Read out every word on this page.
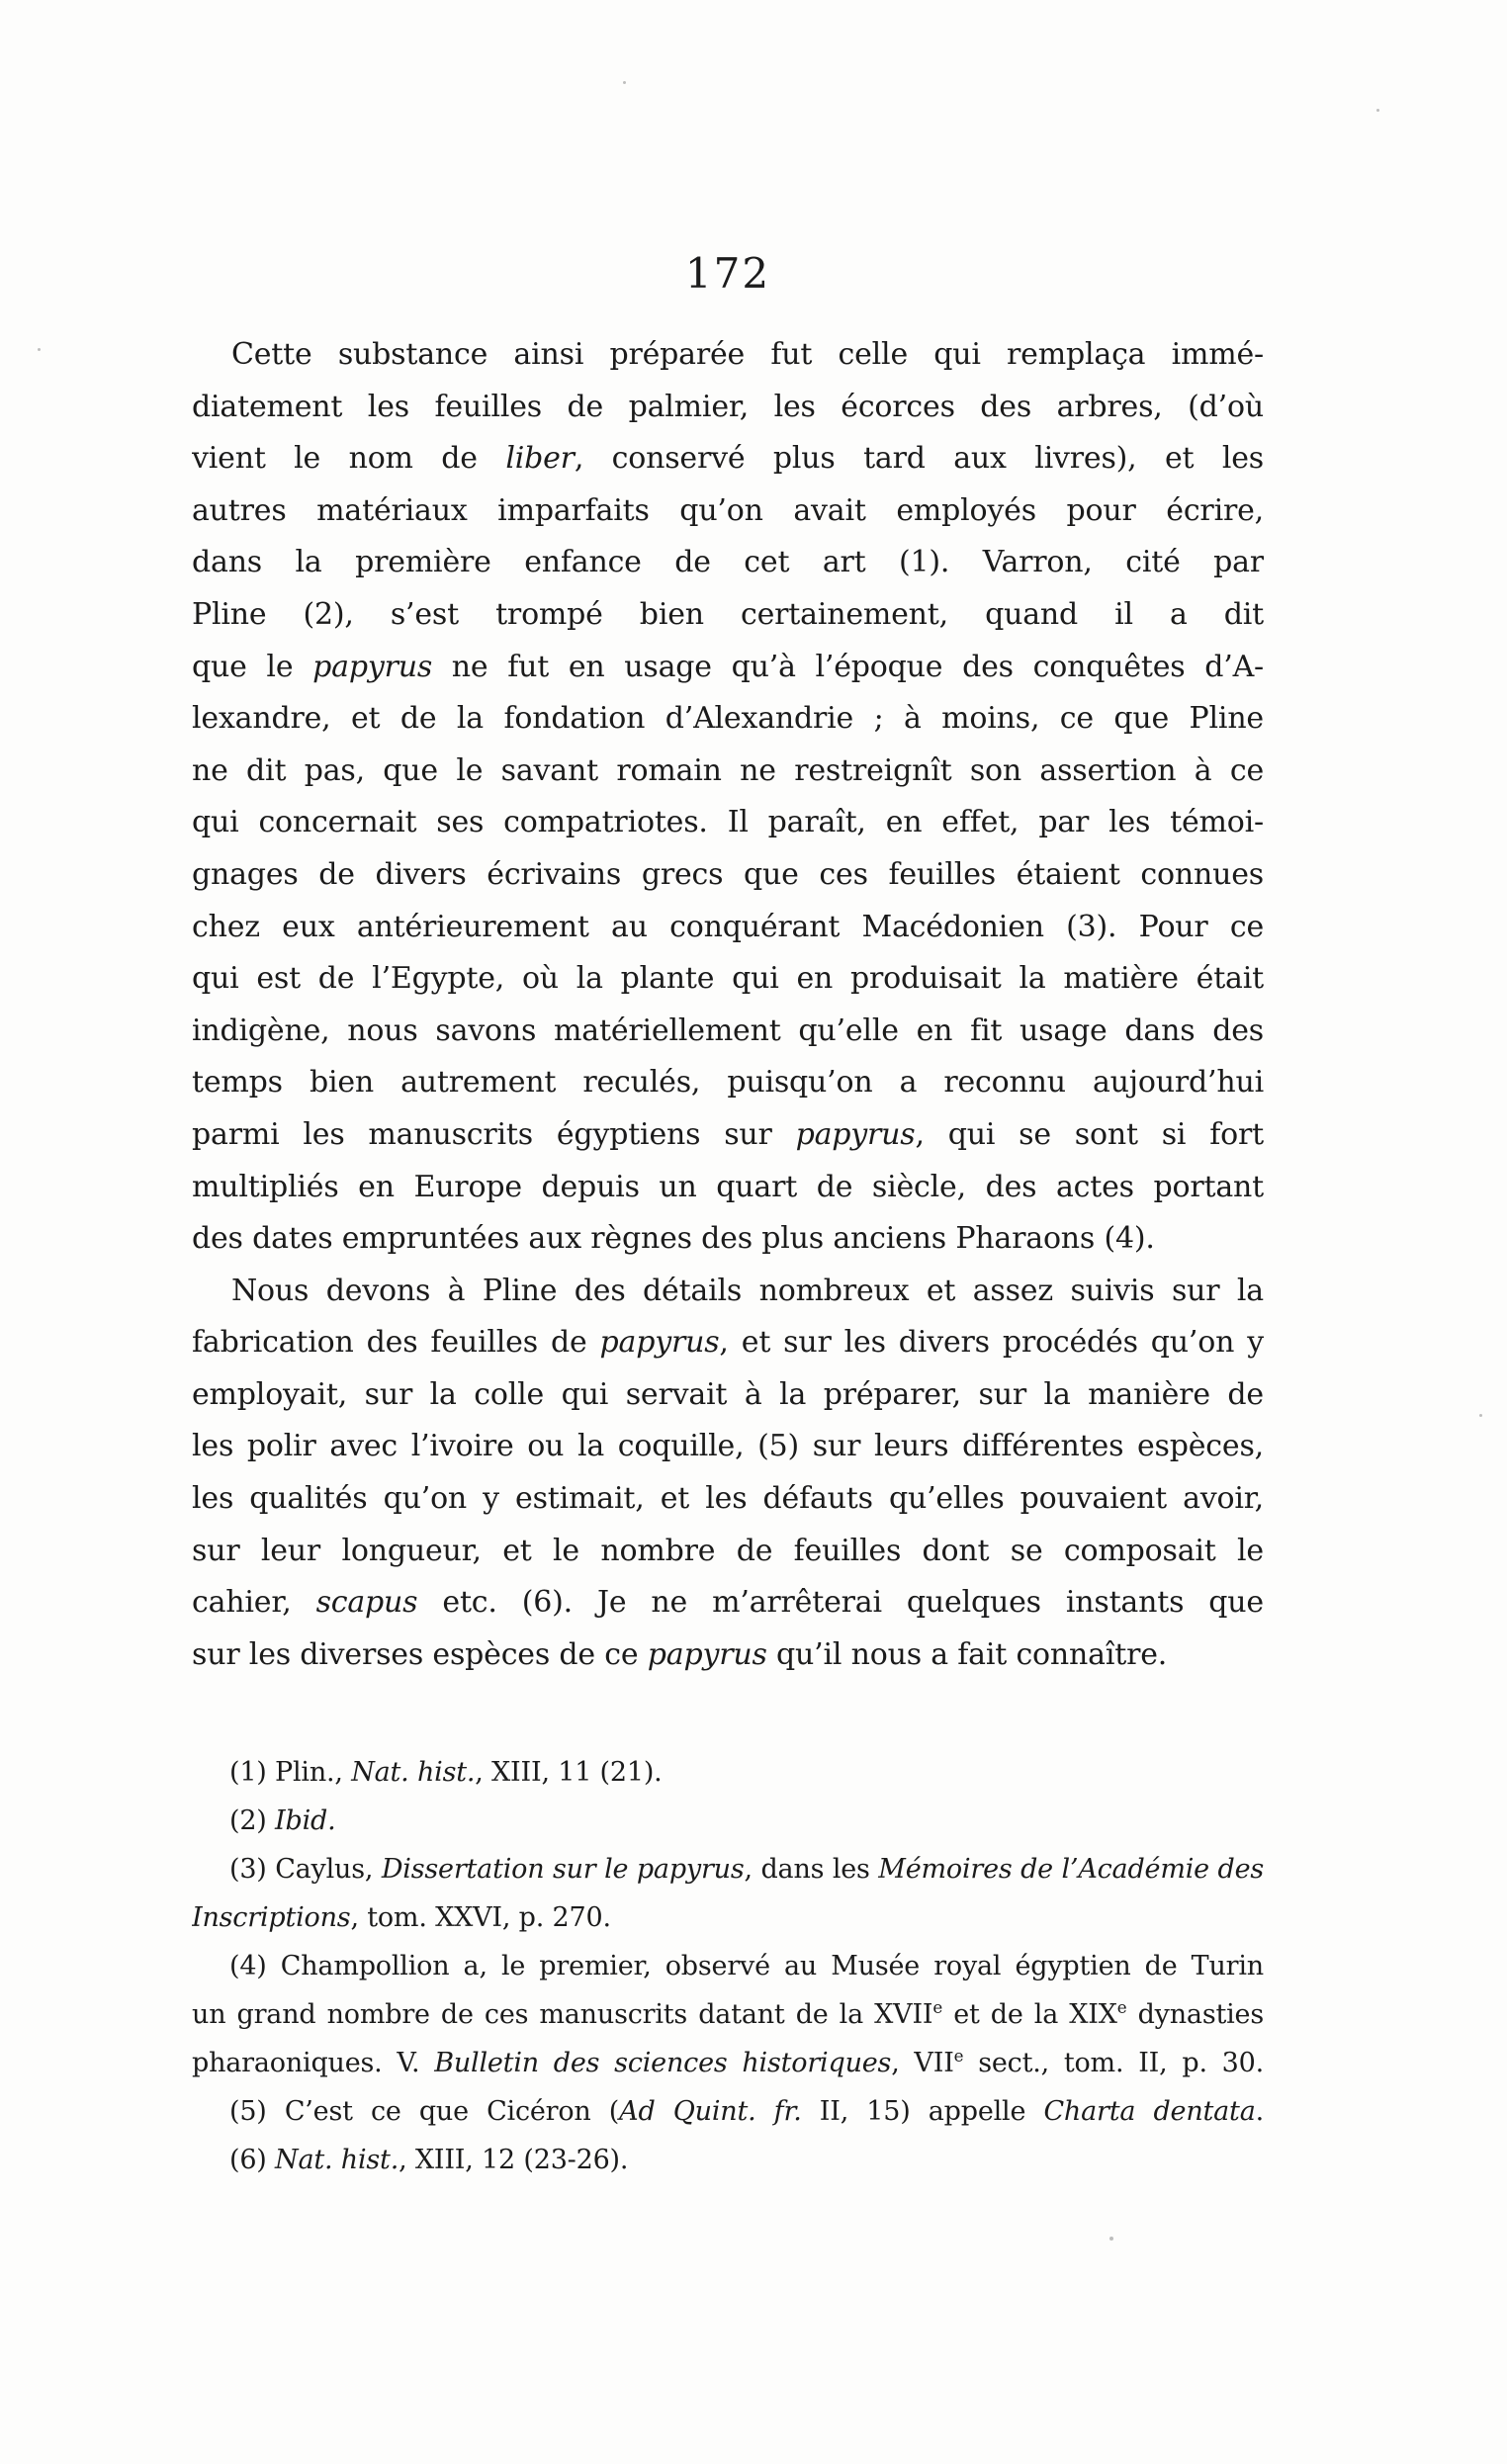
172
Cette substance ainsi préparée fut celle qui remplaça immé-
diatement les feuilles de palmier, les écorces des arbres, (d’où
vient le nom de liber, conservé plus tard aux livres), et les
autres matériaux imparfaits qu’on avait employés pour écrire,
dans la première enfance de cet art (1). Varron, cité par
Pline (2), s’est trompé bien certainement, quand il a dit
que le papyrus ne fut en usage qu’à l’époque des conquêtes d’A-
lexandre, et de la fondation d’Alexandrie ; à moins, ce que Pline
ne dit pas, que le savant romain ne restreignît son assertion à ce
qui concernait ses compatriotes. Il paraît, en effet, par les témoi-
gnages de divers écrivains grecs que ces feuilles étaient connues
chez eux antérieurement au conquérant Macédonien (3). Pour ce
qui est de l’Egypte, où la plante qui en produisait la matière était
indigène, nous savons matériellement qu’elle en fit usage dans des
temps bien autrement reculés, puisqu’on a reconnu aujourd’hui
parmi les manuscrits égyptiens sur papyrus, qui se sont si fort
multipliés en Europe depuis un quart de siècle, des actes portant
des dates empruntées aux règnes des plus anciens Pharaons (4).
Nous devons à Pline des détails nombreux et assez suivis sur la
fabrication des feuilles de papyrus, et sur les divers procédés qu’on y
employait, sur la colle qui servait à la préparer, sur la manière de
les polir avec l’ivoire ou la coquille, (5) sur leurs différentes espèces,
les qualités qu’on y estimait, et les défauts qu’elles pouvaient avoir,
sur leur longueur, et le nombre de feuilles dont se composait le
cahier, scapus etc. (6). Je ne m’arrêterai quelques instants que
sur les diverses espèces de ce papyrus qu’il nous a fait connaître.
(1) Plin., Nat. hist., XIII, 11 (21).
(2) Ibid.
(3) Caylus, Dissertation sur le papyrus, dans les Mémoires de l’Académie des
Inscriptions, tom. XXVI, p. 270.
(4) Champollion a, le premier, observé au Musée royal égyptien de Turin
un grand nombre de ces manuscrits datant de la XVIIe et de la XIXe dynasties
pharaoniques. V. Bulletin des sciences historiques, VIIe sect., tom. II, p. 30.
(5) C’est ce que Cicéron (Ad Quint. fr. II, 15) appelle Charta dentata.
(6) Nat. hist., XIII, 12 (23-26).
